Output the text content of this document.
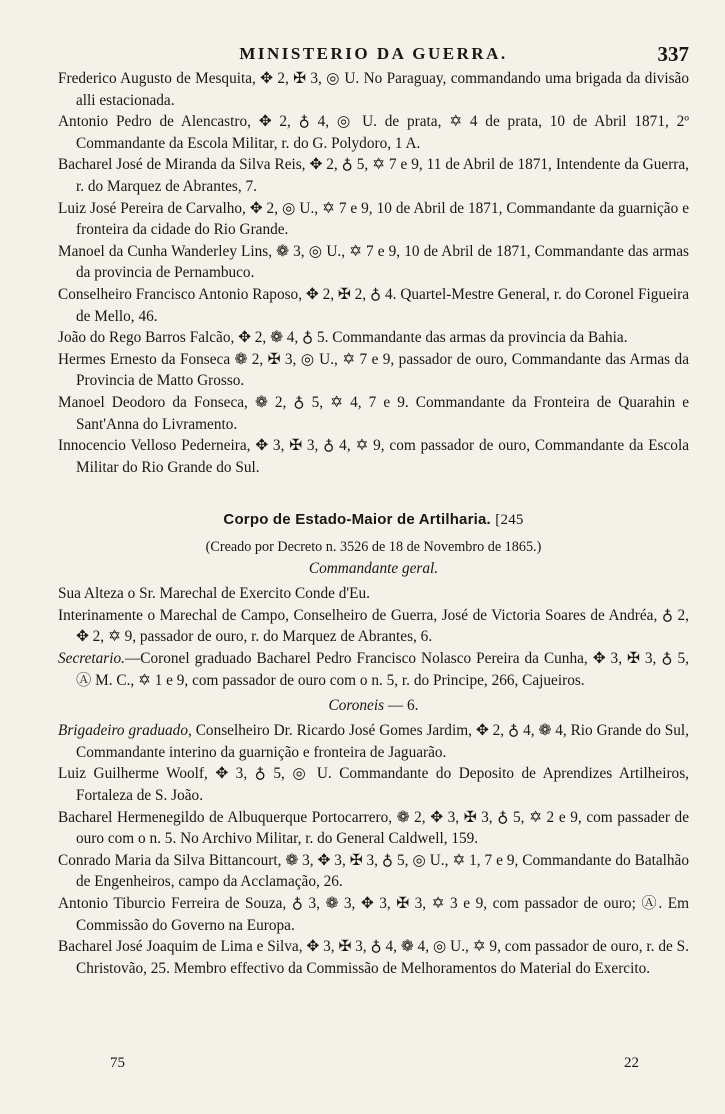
MINISTERIO DA GUERRA.	337

Frederico Augusto de Mesquita, ✥ 2, ✠ 3, ◎ U. No Paraguay, commandando uma brigada da divisão alli estacionada.

Antonio Pedro de Alencastro, ✥ 2, ♁ 4, ◎ U. de prata, ✡ 4 de prata, 10 de Abril 1871, 2º Commandante da Escola Militar, r. do G. Polydoro, 1 A.

Bacharel José de Miranda da Silva Reis, ✥ 2, ♁ 5, ✡ 7 e 9, 11 de Abril de 1871, Intendente da Guerra, r. do Marquez de Abrantes, 7.

Luiz José Pereira de Carvalho, ✥ 2, ◎ U., ✡ 7 e 9, 10 de Abril de 1871, Commandante da guarnição e fronteira da cidade do Rio Grande.

Manoel da Cunha Wanderley Lins, ❁ 3, ◎ U., ✡ 7 e 9, 10 de Abril de 1871, Commandante das armas da provincia de Pernambuco.

Conselheiro Francisco Antonio Raposo, ✥ 2, ✠ 2, ♁ 4. Quartel-Mestre General, r. do Coronel Figueira de Mello, 46.

João do Rego Barros Falcão, ✥ 2, ❁ 4, ♁ 5. Commandante das armas da provincia da Bahia.

Hermes Ernesto da Fonseca ❁ 2, ✠ 3, ◎ U., ✡ 7 e 9, passador de ouro, Commandante das Armas da Provincia de Matto Grosso.

Manoel Deodoro da Fonseca, ❁ 2, ♁ 5, ✡ 4, 7 e 9. Commandante da Fronteira de Quarahin e Sant'Anna do Livramento.

Innocencio Velloso Pederneira, ✥ 3, ✠ 3, ♁ 4, ✡ 9, com passador de ouro, Commandante da Escola Militar do Rio Grande do Sul.

Corpo de Estado-Maior de Artilharia. [245

(Creado por Decreto n. 3526 de 18 de Novembro de 1865.)

Commandante geral.

Sua Alteza o Sr. Marechal de Exercito Conde d'Eu.

Interinamente o Marechal de Campo, Conselheiro de Guerra, José de Victoria Soares de Andréa, ♁ 2, ✥ 2, ✡ 9, passador de ouro, r. do Marquez de Abrantes, 6.

Secretario.—Coronel graduado Bacharel Pedro Francisco Nolasco Pereira da Cunha, ✥ 3, ✠ 3, ♁ 5, Ⓐ M. C., ✡ 1 e 9, com passador de ouro com o n. 5, r. do Principe, 266, Cajueiros.

Coroneis — 6.

Brigadeiro graduado, Conselheiro Dr. Ricardo José Gomes Jardim, ✥ 2, ♁ 4, ❁ 4, Rio Grande do Sul, Commandante interino da guarnição e fronteira de Jaguarão.

Luiz Guilherme Woolf, ✥ 3, ♁ 5, ◎ U. Commandante do Deposito de Aprendizes Artilheiros, Fortaleza de S. João.

Bacharel Hermenegildo de Albuquerque Portocarrero, ❁ 2, ✥ 3, ✠ 3, ♁ 5, ✡ 2 e 9, com passader de ouro com o n. 5. No Archivo Militar, r. do General Caldwell, 159.

Conrado Maria da Silva Bittancourt, ❁ 3, ✥ 3, ✠ 3, ♁ 5, ◎ U., ✡ 1, 7 e 9, Commandante do Batalhão de Engenheiros, campo da Acclamação, 26.

Antonio Tiburcio Ferreira de Souza, ♁ 3, ❁ 3, ✥ 3, ✠ 3, ✡ 3 e 9, com passador de ouro; Ⓐ. Em Commissão do Governo na Europa.

Bacharel José Joaquim de Lima e Silva, ✥ 3, ✠ 3, ♁ 4, ❁ 4, ◎ U., ✡ 9, com passador de ouro, r. de S. Christovão, 25. Membro effectivo da Commissão de Melhoramentos do Material do Exercito.

75	22
